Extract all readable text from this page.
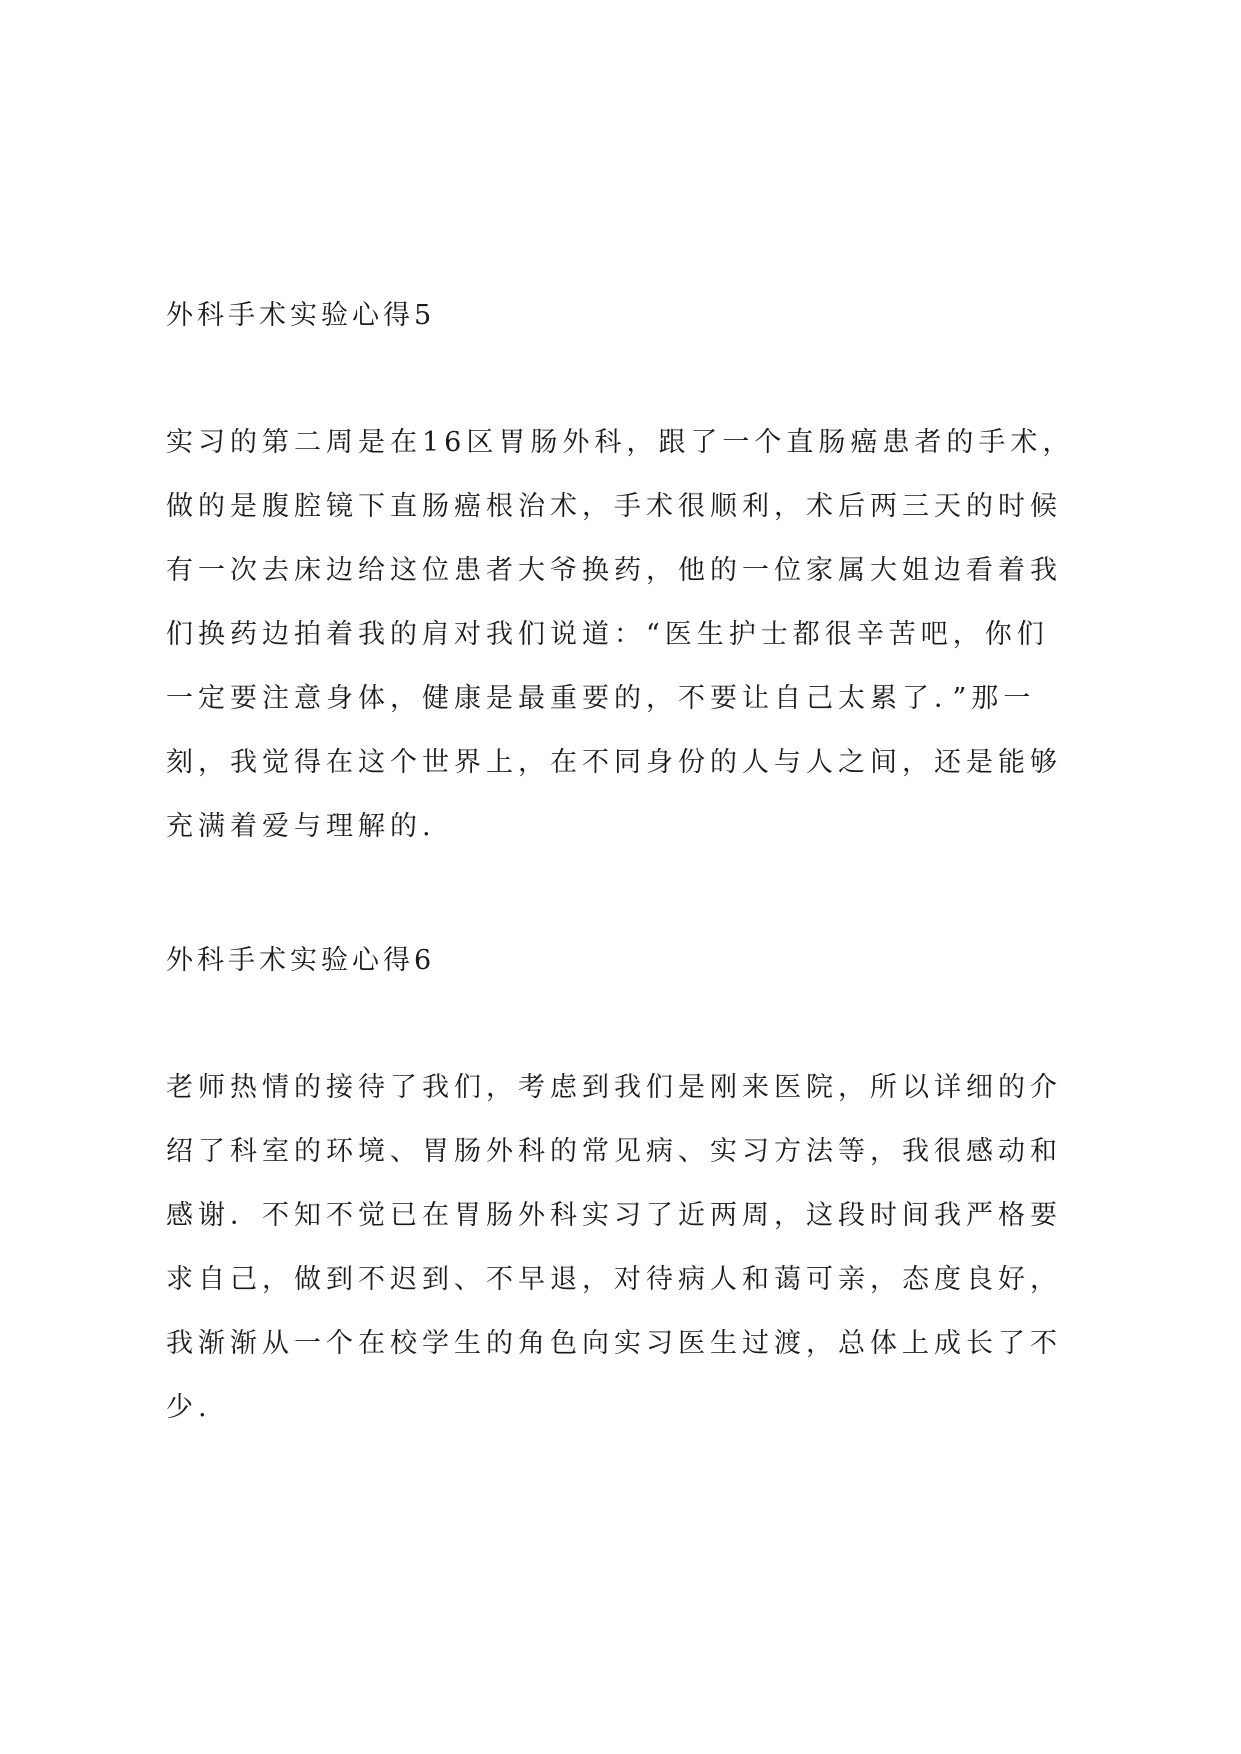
外科手术实验心得5
实习的第二周是在16区胃肠外科，跟了一个直肠癌患者的手术，
做的是腹腔镜下直肠癌根治术，手术很顺利，术后两三天的时候
有一次去床边给这位患者大爷换药，他的一位家属大姐边看着我
们换药边拍着我的肩对我们说道：“医生护士都很辛苦吧，你们
一定要注意身体，健康是最重要的，不要让自己太累了．”那一
刻，我觉得在这个世界上，在不同身份的人与人之间，还是能够
充满着爱与理解的.
外科手术实验心得6
老师热情的接待了我们，考虑到我们是刚来医院，所以详细的介
绍了科室的环境、胃肠外科的常见病、实习方法等，我很感动和
感谢．不知不觉已在胃肠外科实习了近两周，这段时间我严格要
求自己，做到不迟到、不早退，对待病人和蔼可亲，态度良好，
我渐渐从一个在校学生的角色向实习医生过渡，总体上成长了不
少.
